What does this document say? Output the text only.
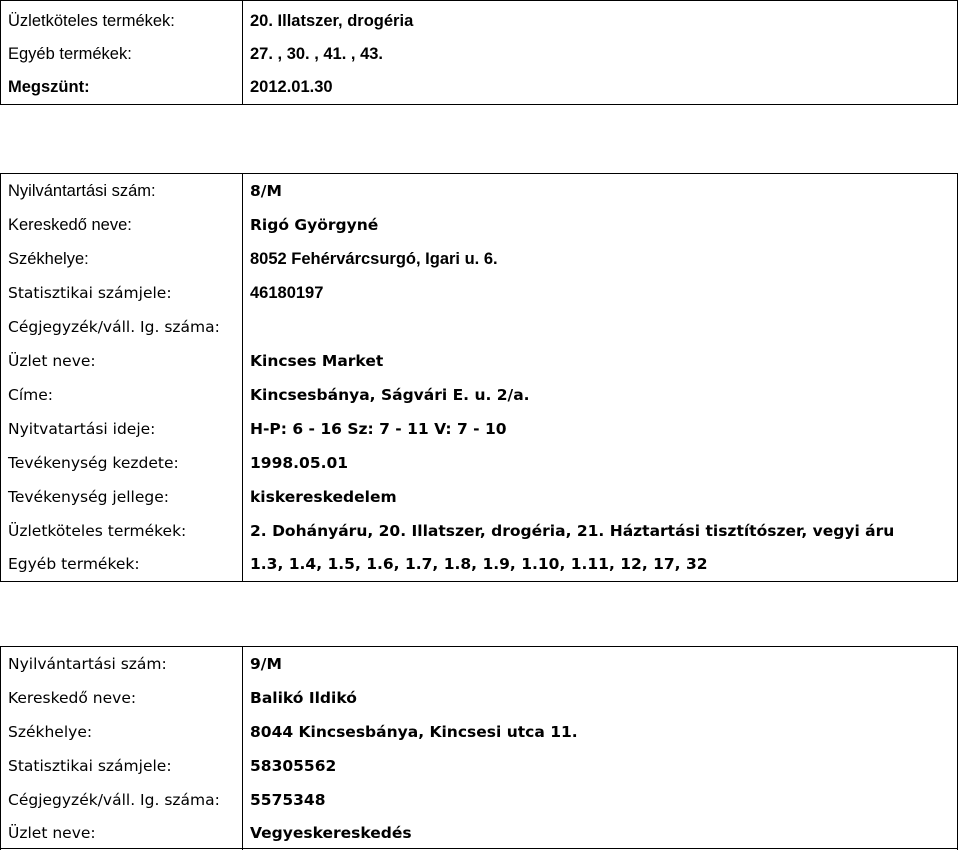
Üzletköteles termékek:	20. Illatszer, drogéria
Egyéb termékek:	27. , 30. , 41. , 43.
Megszünt:	2012.01.30
Nyilvántartási szám:	8/M
Kereskedő neve:	Rigó Györgyné
Székhelye:	8052 Fehérvárcsurgó, Igari u. 6.
Statisztikai számjele:	46180197
Cégjegyzék/váll. Ig. száma:
Üzlet neve:	Kincses Market
Címe:	Kincsesbánya, Ságvári E. u. 2/a.
Nyitvatartási ideje:	H-P: 6 - 16 Sz: 7 - 11 V: 7 - 10
Tevékenység kezdete:	1998.05.01
Tevékenység jellege:	kiskereskedelem
Üzletköteles termékek:	2. Dohányáru, 20. Illatszer, drogéria, 21. Háztartási tisztítószer, vegyi áru
Egyéb termékek:	1.3, 1.4, 1.5, 1.6, 1.7, 1.8, 1.9, 1.10, 1.11, 12, 17, 32
Nyilvántartási szám:	9/M
Kereskedő neve:	Balikó Ildikó
Székhelye:	8044 Kincsesbánya, Kincsesi utca 11.
Statisztikai számjele:	58305562
Cégjegyzék/váll. Ig. száma: 5575348
Üzlet neve:	Vegyeskereskedés
